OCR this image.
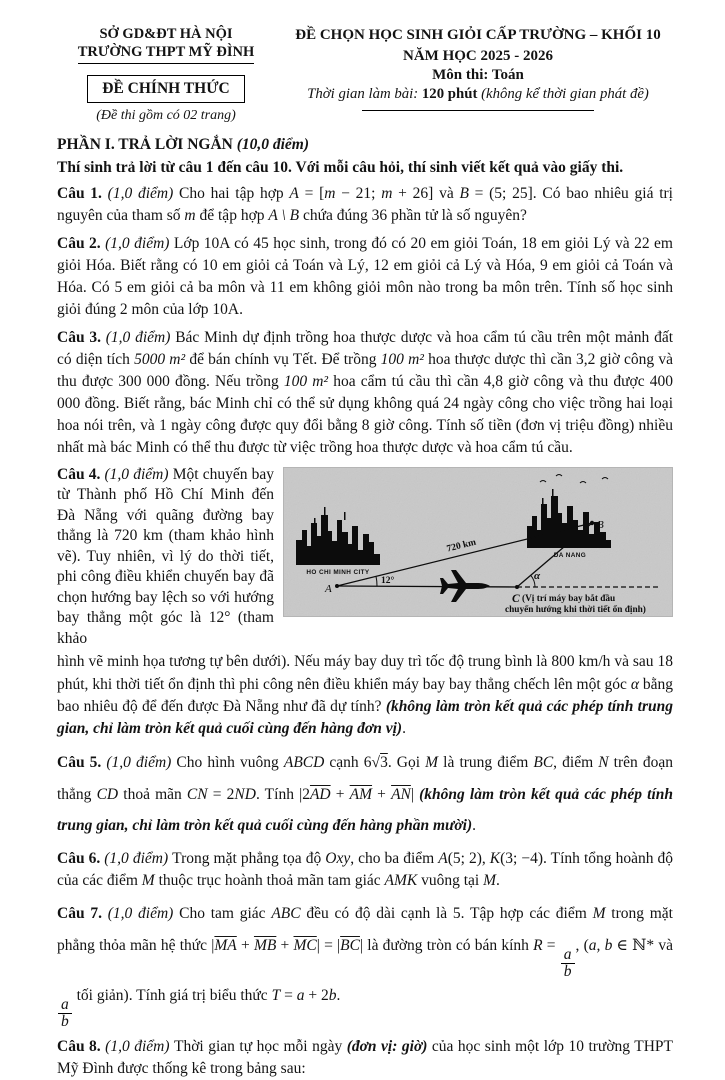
SỞ GD&ĐT HÀ NỘI
TRƯỜNG THPT MỸ ĐÌNH
ĐỀ CHÍNH THỨC
(Đề thi gồm có 02 trang)
ĐỀ CHỌN HỌC SINH GIỎI CẤP TRƯỜNG – KHỐI 10
NĂM HỌC 2025 - 2026
Môn thi: Toán
Thời gian làm bài: 120 phút (không kể thời gian phát đề)
PHẦN I. TRẢ LỜI NGẮN (10,0 điểm)
Thí sinh trả lời từ câu 1 đến câu 10. Với mỗi câu hỏi, thí sinh viết kết quả vào giấy thi.

Câu 1. (1,0 điểm) Cho hai tập hợp A = [m − 21; m + 26] và B = (5; 25]. Có bao nhiêu giá trị nguyên của tham số m để tập hợp A \ B chứa đúng 36 phần tử là số nguyên?

Câu 2. (1,0 điểm) Lớp 10A có 45 học sinh, trong đó có 20 em giỏi Toán, 18 em giỏi Lý và 22 em giỏi Hóa. Biết rằng có 10 em giỏi cả Toán và Lý, 12 em giỏi cả Lý và Hóa, 9 em giỏi cả Toán và Hóa. Có 5 em giỏi cả ba môn và 11 em không giỏi môn nào trong ba môn trên. Tính số học sinh giỏi đúng 2 môn của lớp 10A.

Câu 3. (1,0 điểm) Bác Minh dự định trồng hoa thược dược và hoa cẩm tú cầu trên một mảnh đất có diện tích 5000 m² để bán chính vụ Tết. Để trồng 100 m² hoa thược dược thì cần 3,2 giờ công và thu được 300 000 đồng. Nếu trồng 100 m² hoa cẩm tú cầu thì cần 4,8 giờ công và thu được 400 000 đồng. Biết rằng, bác Minh chỉ có thể sử dụng không quá 24 ngày công cho việc trồng hai loại hoa nói trên, và 1 ngày công được quy đổi bằng 8 giờ công. Tính số tiền (đơn vị triệu đồng) nhiều nhất mà bác Minh có thể thu được từ việc trồng hoa thược dược và hoa cẩm tú cầu.

HO CHI MINH CITY
DA NANG
720 km
12°
A
B
α
C (Vị trí máy bay bắt đầu
chuyển hướng khi thời tiết ổn định)
Câu 4. (1,0 điểm) Một chuyến bay từ Thành phố Hồ Chí Minh đến Đà Nẵng với quãng đường bay thẳng là 720 km (tham khảo hình vẽ). Tuy nhiên, vì lý do thời tiết, phi công điều khiển chuyến bay đã chọn hướng bay lệch so với hướng bay thẳng một góc là 12° (tham khảo

hình vẽ minh họa tương tự bên dưới). Nếu máy bay duy trì tốc độ trung bình là 800 km/h và sau 18 phút, khi thời tiết ổn định thì phi công nên điều khiển máy bay bay thẳng chếch lên một góc α bằng bao nhiêu độ để đến được Đà Nẵng như đã dự tính? (không làm tròn kết quả các phép tính trung gian, chỉ làm tròn kết quả cuối cùng đến hàng đơn vị).

Câu 5. (1,0 điểm) Cho hình vuông ABCD cạnh 6√3. Gọi M là trung điểm BC, điểm N trên đoạn thẳng CD thoả mãn CN = 2ND. Tính $|2\overline{AD} + \overline{AM} + \overline{AN}|$ (không làm tròn kết quả các phép tính trung gian, chỉ làm tròn kết quả cuối cùng đến hàng phần mười).

Câu 6. (1,0 điểm) Trong mặt phẳng tọa độ Oxy, cho ba điểm A(5; 2), K(3; −4). Tính tổng hoành độ của các điểm M thuộc trục hoành thoả mãn tam giác AMK vuông tại M.

Câu 7. (1,0 điểm) Cho tam giác ABC đều có độ dài cạnh là 5. Tập hợp các điểm M trong mặt phẳng thỏa mãn hệ thức $|\overline{MA} + \overline{MB} + \overline{MC}| = |\overline{BC}|$ là đường tròn có bán kính R =
$\frac{a}{b}$
, (a, b ∈ ℕ* và
$\frac{a}{b}$
tối giản). Tính giá trị biểu thức T = a + 2b.

Câu 8. (1,0 điểm) Thời gian tự học mỗi ngày (đơn vị: giờ) của học sinh một lớp 10 trường THPT Mỹ Đình được thống kê trong bảng sau:
